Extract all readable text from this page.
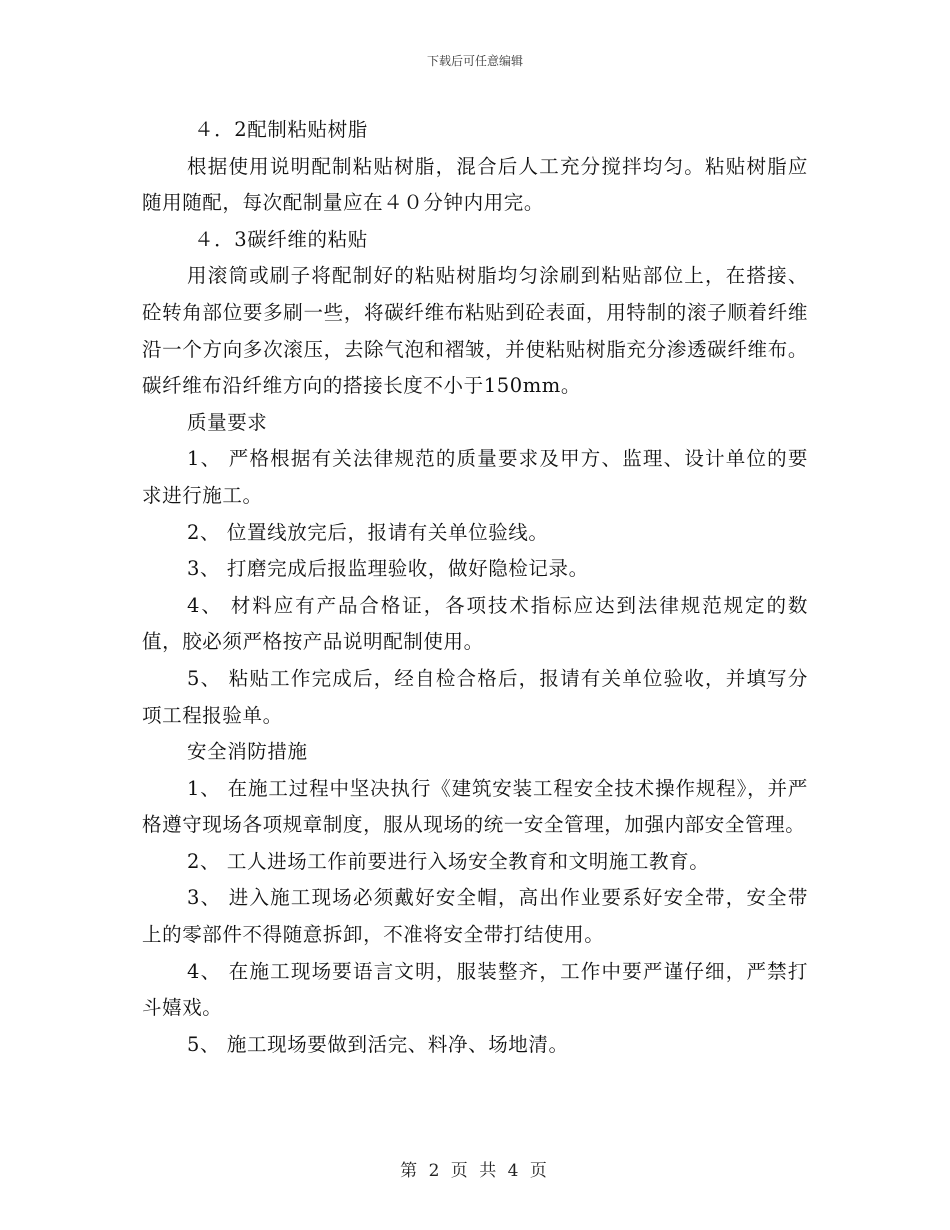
下载后可任意编辑

４．2配制粘贴树脂

根据使用说明配制粘贴树脂，混合后人工充分搅拌均匀。粘贴树脂应随用随配，每次配制量应在４０分钟内用完。

４．3碳纤维的粘贴

用滚筒或刷子将配制好的粘贴树脂均匀涂刷到粘贴部位上，在搭接、砼转角部位要多刷一些，将碳纤维布粘贴到砼表面，用特制的滚子顺着纤维沿一个方向多次滚压，去除气泡和褶皱，并使粘贴树脂充分渗透碳纤维布。碳纤维布沿纤维方向的搭接长度不小于150mm。

质量要求

1、 严格根据有关法律规范的质量要求及甲方、监理、设计单位的要求进行施工。

2、 位置线放完后，报请有关单位验线。

3、 打磨完成后报监理验收，做好隐检记录。

4、 材料应有产品合格证，各项技术指标应达到法律规范规定的数值，胶必须严格按产品说明配制使用。

5、 粘贴工作完成后，经自检合格后，报请有关单位验收，并填写分项工程报验单。

安全消防措施

1、 在施工过程中坚决执行《建筑安装工程安全技术操作规程》，并严格遵守现场各项规章制度，服从现场的统一安全管理，加强内部安全管理。

2、 工人进场工作前要进行入场安全教育和文明施工教育。

3、 进入施工现场必须戴好安全帽，高出作业要系好安全带，安全带上的零部件不得随意拆卸，不准将安全带打结使用。

4、 在施工现场要语言文明，服装整齐，工作中要严谨仔细，严禁打斗嬉戏。

5、 施工现场要做到活完、料净、场地清。

第 2 页 共 4 页
